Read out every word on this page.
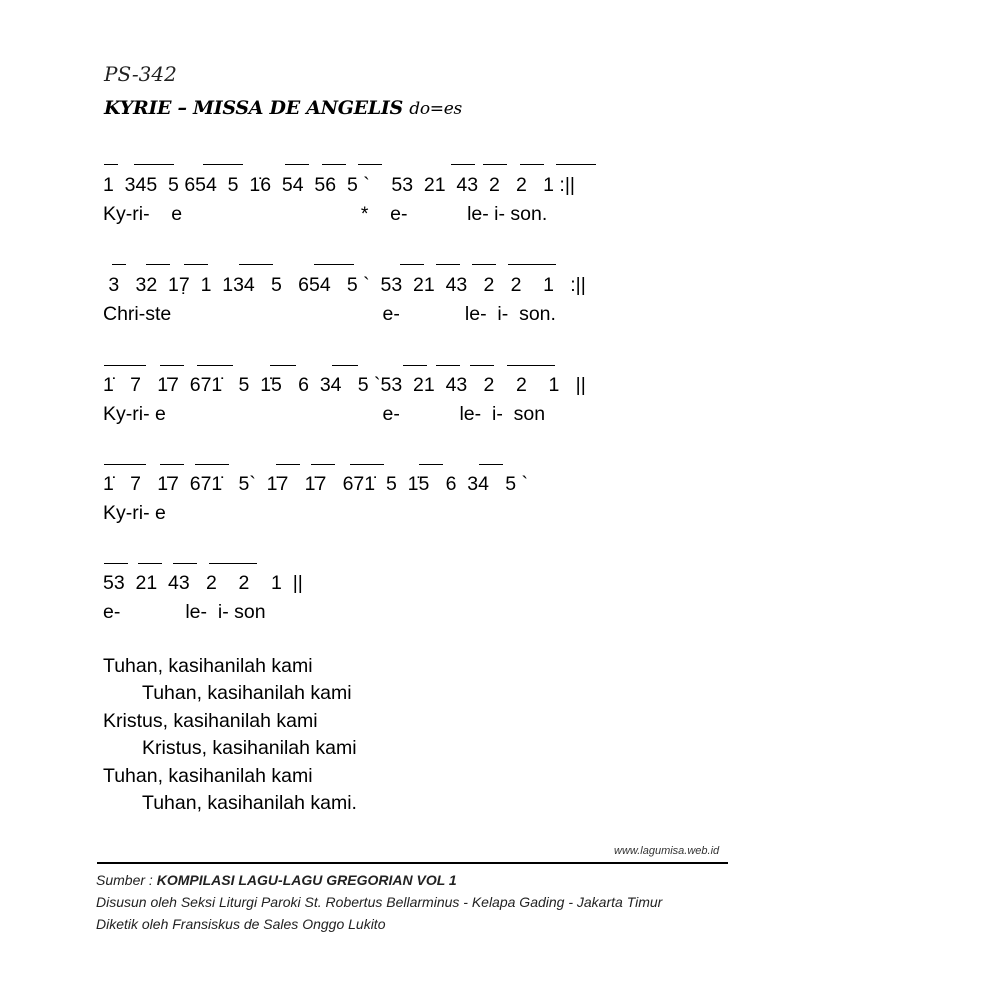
PS-342
KYRIE – MISSA DE ANGELIS do=es
1  345  5 654  5  1̇6  54  56  5 `    53  21  43  2   2   1 :||
Ky-ri-    e                                 *    e-           le- i- son.
3   32  17̣  1  134   5   654   5 `  53  21  43   2   2    1   :||
Chri-ste                                       e-            le-  i-  son.
1̇   7   1̇7  671̇   5  1̇5   6  34   5 `53  21  43   2    2    1   ||
Ky-ri- e                                        e-           le-  i-  son
1̇   7   1̇7  671̇   5`  1̇7   1̇7   671̇  5  1̇5   6  34   5 `
Ky-ri- e
53  21  43   2    2    1  ||
e-            le-  i- son
Tuhan, kasihanilah kami
Tuhan, kasihanilah kami
Kristus, kasihanilah kami
Kristus, kasihanilah kami
Tuhan, kasihanilah kami
Tuhan, kasihanilah kami.
www.lagumisa.web.id
Sumber : KOMPILASI LAGU-LAGU GREGORIAN VOL 1
Disusun oleh Seksi Liturgi Paroki St. Robertus Bellarminus - Kelapa Gading - Jakarta Timur
Diketik oleh Fransiskus de Sales Onggo Lukito
